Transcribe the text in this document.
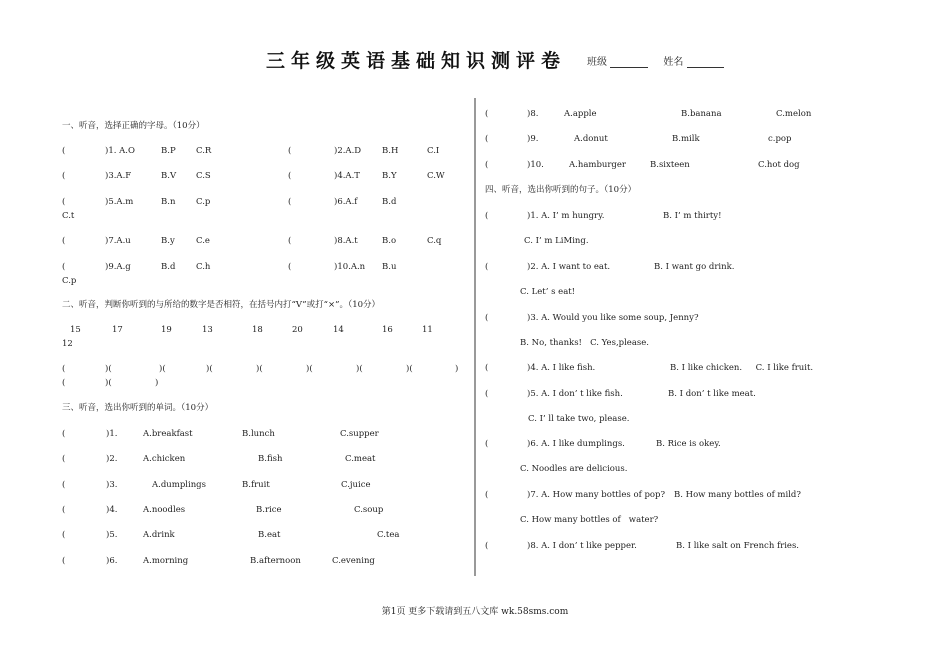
三年级英语基础知识测评卷 班级	姓名
一、听音，选择正确的字母。（10分）
(	)1. A.O	B.P C.R	(	)2.A.D B.H	C.I
(	)3.A.F	B.V C.S	(	)4.A.T	B.Y	C.W
(	)5.A.m	B.n C.p	(	)6.A.f	B.d
C.t
(	)7.A.u	B.y C.e	(	)8.A.t	B.o	C.q
(	)9.A.g	B.d C.h	(	)10.A.n B.u
C.p
二、听音，判断你听到的与所给的数字是否相符，在括号内打“V”或打“×”。（10分）
15	17	19	13	18	20	14	16	11
12
(	)(	)(	)(	)(	)(	)(	)(	)
(	)(	)
三、听音，选出你听到的单词。（10分）
(	)1.	A.breakfast	B.lunch	C.supper
(	)2.	A.chicken	B.fish	C.meat
(	)3.	A.dumplings	B.fruit	C.juice
(	)4.	A.noodles	B.rice	C.soup
(	)5.	A.drink	B.eat	C.tea
(	)6.	A.morning	B.afternoon	C.evening
(	)8.	A.apple	B.banana	C.melon
(	)9.	A.donut	B.milk	c.pop
(	)10.	A.hamburger	B.sixteen	C.hot dog
四、听音，选出你听到的句子。（10分）
(	)1. A. I’ m hungry.	B. I’ m thirty!
C. I’ m LiMing.
(	)2. A. I want to eat.	B. I want go drink.
C. Let’ s eat!
(	)3. A. Would you like some soup, Jenny?
B. No, thanks!   C. Yes,please.
(	)4. A. I like fish.	B. I like chicken.     C. I like fruit.
(	)5. A. I don’ t like fish.	B. I don’ t like meat.
C. I’ ll take two, please.
(	)6. A. I like dumplings.	B. Rice is okey.
C. Noodles are delicious.
(	)7. A. How many bottles of pop? B. How many bottles of mild?
C. How many bottles of   water?
(	)8. A. I don’ t like pepper.	B. I like salt on French fries.
第1页 更多下载请到五八文库 wk.58sms.com
